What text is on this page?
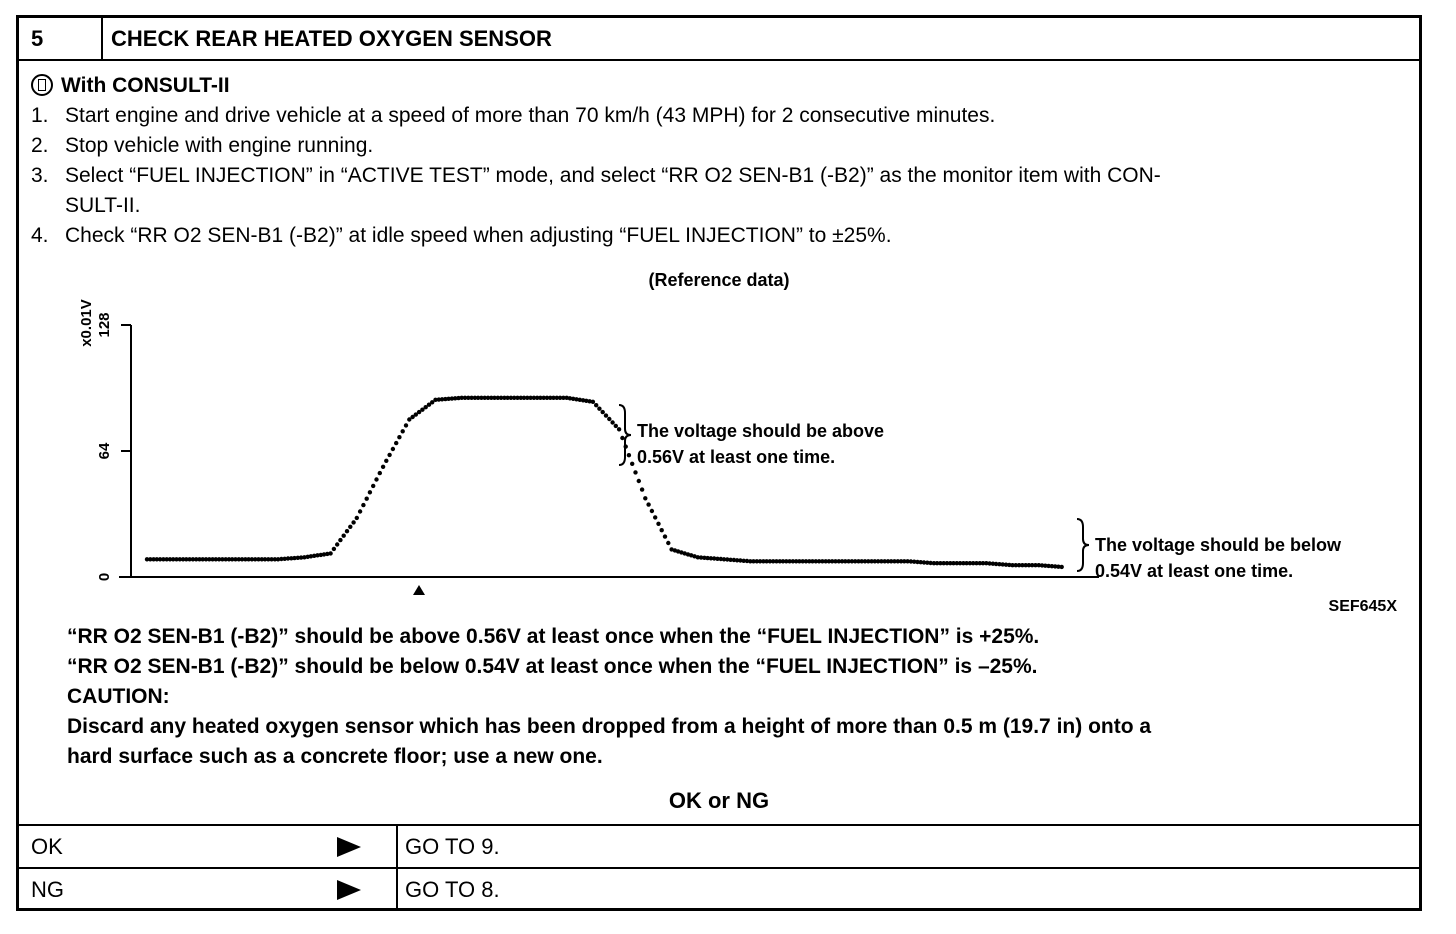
5	CHECK REAR HEATED OXYGEN SENSOR
With CONSULT-II
1. Start engine and drive vehicle at a speed of more than 70 km/h (43 MPH) for 2 consecutive minutes.
2. Stop vehicle with engine running.
3. Select “FUEL INJECTION” in “ACTIVE TEST” mode, and select “RR O2 SEN-B1 (-B2)” as the monitor item with CON-
SULT-II.
4. Check “RR O2 SEN-B1 (-B2)” at idle speed when adjusting “FUEL INJECTION” to ±25%.
(Reference data)
128
64
0
x0.01V
The voltage should be above
0.56V at least one time.
The voltage should be below
0.54V at least one time.
SEF645X

“RR O2 SEN-B1 (-B2)” should be above 0.56V at least once when the “FUEL INJECTION” is +25%.

“RR O2 SEN-B1 (-B2)” should be below 0.54V at least once when the “FUEL INJECTION” is –25%.

CAUTION:

Discard any heated oxygen sensor which has been dropped from a height of more than 0.5 m (19.7 in) onto a

hard surface such as a concrete floor; use a new one.

OK or NG
OK	GO TO 9.
NG	GO TO 8.
